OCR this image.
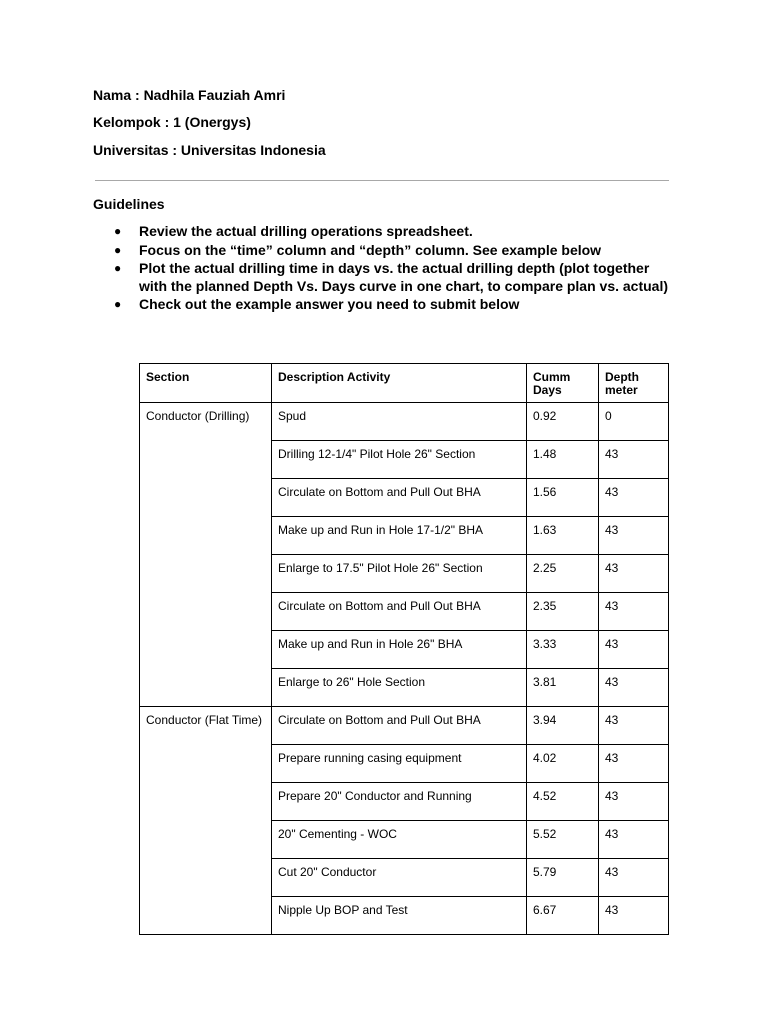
Nama : Nadhila Fauziah Amri
Kelompok : 1 (Onergys)
Universitas : Universitas Indonesia
Guidelines
● Review the actual drilling operations spreadsheet.
● Focus on the “time” column and “depth” column. See example below
● Plot the actual drilling time in days vs. the actual drilling depth (plot together with the planned Depth Vs. Days curve in one chart, to compare plan vs. actual)
● Check out the example answer you need to submit below
Section	Description Activity	Cumm Days	Depth meter

Conductor (Drilling)	Spud	0.92	0

	Drilling 12-1/4" Pilot Hole 26" Section	1.48	43

	Circulate on Bottom and Pull Out BHA	1.56	43

	Make up and Run in Hole 17-1/2" BHA	1.63	43

	Enlarge to 17.5" Pilot Hole 26" Section	2.25	43

	Circulate on Bottom and Pull Out BHA	2.35	43

	Make up and Run in Hole 26" BHA	3.33	43

	Enlarge to 26" Hole Section	3.81	43

Conductor (Flat Time)	Circulate on Bottom and Pull Out BHA	3.94	43

	Prepare running casing equipment	4.02	43

	Prepare 20" Conductor and Running	4.52	43

	20" Cementing - WOC	5.52	43

	Cut 20" Conductor	5.79	43

	Nipple Up BOP and Test	6.67	43
